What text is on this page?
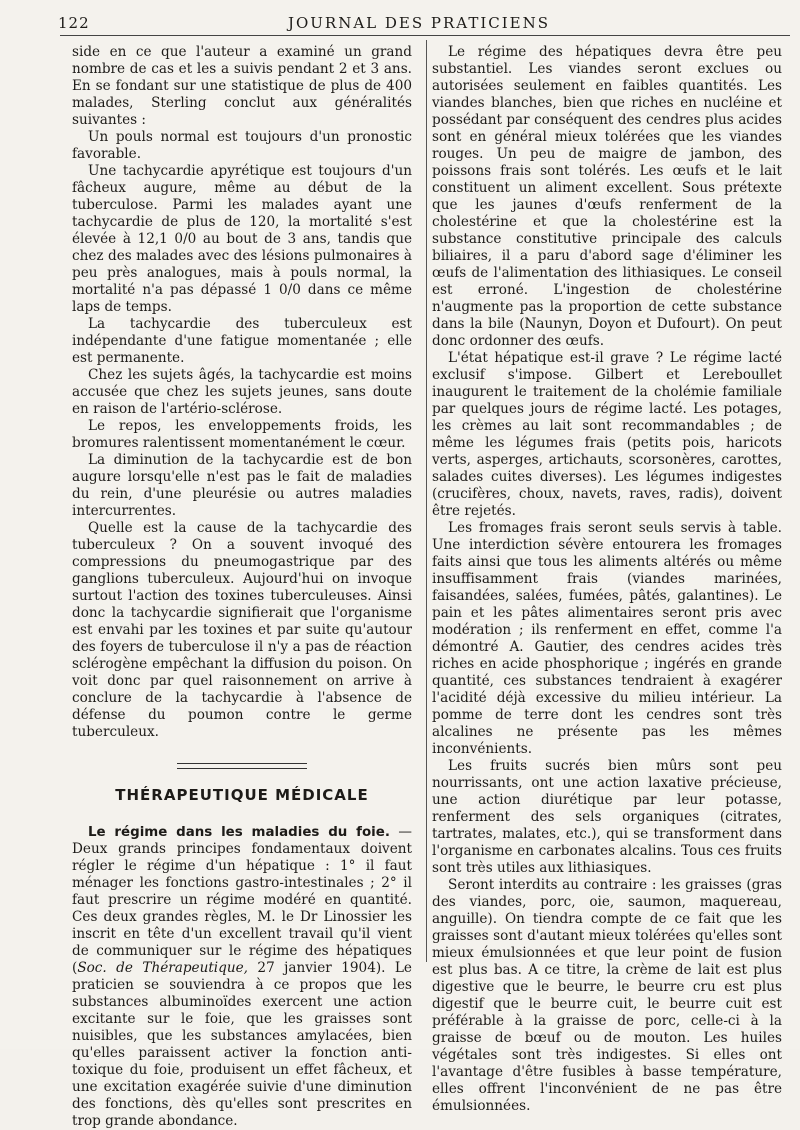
122	JOURNAL DES PRATICIENS

side en ce que l'auteur a examiné un grand nombre de cas et les a suivis pendant 2 et 3 ans. En se fondant sur une statistique de plus de 400 malades, Sterling conclut aux généralités suivantes :

Un pouls normal est toujours d'un pronostic favorable.

Une tachycardie apyrétique est toujours d'un fâcheux augure, même au début de la tuberculose. Parmi les malades ayant une tachycardie de plus de 120, la mortalité s'est élevée à 12,1 0/0 au bout de 3 ans, tandis que chez des malades avec des lésions pulmonaires à peu près analogues, mais à pouls normal, la mortalité n'a pas dépassé 1 0/0 dans ce même laps de temps.

La tachycardie des tuberculeux est indépendante d'une fatigue momentanée ; elle est permanente.

Chez les sujets âgés, la tachycardie est moins accusée que chez les sujets jeunes, sans doute en raison de l'artério-sclérose.

Le repos, les enveloppements froids, les bromures ralentissent momentanément le cœur.

La diminution de la tachycardie est de bon augure lorsqu'elle n'est pas le fait de maladies du rein, d'une pleurésie ou autres maladies intercurrentes.

Quelle est la cause de la tachycardie des tuberculeux ? On a souvent invoqué des compressions du pneumogastrique par des ganglions tuberculeux. Aujourd'hui on invoque surtout l'action des toxines tuberculeuses. Ainsi donc la tachycardie signifierait que l'organisme est envahi par les toxines et par suite qu'autour des foyers de tuberculose il n'y a pas de réaction sclérogène empêchant la diffusion du poison. On voit donc par quel raisonnement on arrive à conclure de la tachycardie à l'absence de défense du poumon contre le germe tuberculeux.

THÉRAPEUTIQUE MÉDICALE

Le régime dans les maladies du foie. — Deux grands principes fondamentaux doivent régler le régime d'un hépatique : 1° il faut ménager les fonctions gastro-intestinales ; 2° il faut prescrire un régime modéré en quantité. Ces deux grandes règles, M. le Dr Linossier les inscrit en tête d'un excellent travail qu'il vient de communiquer sur le régime des hépatiques (Soc. de Thérapeutique, 27 janvier 1904). Le praticien se souviendra à ce propos que les substances albuminoïdes exercent une action excitante sur le foie, que les graisses sont nuisibles, que les substances amylacées, bien qu'elles paraissent activer la fonction anti-toxique du foie, produisent un effet fâcheux, et une excitation exagérée suivie d'une diminution des fonctions, dès qu'elles sont prescrites en trop grande abondance.

Le régime des hépatiques devra être peu substantiel. Les viandes seront exclues ou autorisées seulement en faibles quantités. Les viandes blanches, bien que riches en nucléine et possédant par conséquent des cendres plus acides sont en général mieux tolérées que les viandes rouges. Un peu de maigre de jambon, des poissons frais sont tolérés. Les œufs et le lait constituent un aliment excellent. Sous prétexte que les jaunes d'œufs renferment de la cholestérine et que la cholestérine est la substance constitutive principale des calculs biliaires, il a paru d'abord sage d'éliminer les œufs de l'alimentation des lithiasiques. Le conseil est erroné. L'ingestion de cholestérine n'augmente pas la proportion de cette substance dans la bile (Naunyn, Doyon et Dufourt). On peut donc ordonner des œufs.

L'état hépatique est-il grave ? Le régime lacté exclusif s'impose. Gilbert et Lereboullet inaugurent le traitement de la cholémie familiale par quelques jours de régime lacté. Les potages, les crèmes au lait sont recommandables ; de même les légumes frais (petits pois, haricots verts, asperges, artichauts, scorsonères, carottes, salades cuites diverses). Les légumes indigestes (crucifères, choux, navets, raves, radis), doivent être rejetés.

Les fromages frais seront seuls servis à table. Une interdiction sévère entourera les fromages faits ainsi que tous les aliments altérés ou même insuffisamment frais (viandes marinées, faisandées, salées, fumées, pâtés, galantines). Le pain et les pâtes alimentaires seront pris avec modération ; ils renferment en effet, comme l'a démontré A. Gautier, des cendres acides très riches en acide phosphorique ; ingérés en grande quantité, ces substances tendraient à exagérer l'acidité déjà excessive du milieu intérieur. La pomme de terre dont les cendres sont très alcalines ne présente pas les mêmes inconvénients.

Les fruits sucrés bien mûrs sont peu nourrissants, ont une action laxative précieuse, une action diurétique par leur potasse, renferment des sels organiques (citrates, tartrates, malates, etc.), qui se transforment dans l'organisme en carbonates alcalins. Tous ces fruits sont très utiles aux lithiasiques.

Seront interdits au contraire : les graisses (gras des viandes, porc, oie, saumon, maquereau, anguille). On tiendra compte de ce fait que les graisses sont d'autant mieux tolérées qu'elles sont mieux émulsionnées et que leur point de fusion est plus bas. A ce titre, la crème de lait est plus digestive que le beurre, le beurre cru est plus digestif que le beurre cuit, le beurre cuit est préférable à la graisse de porc, celle-ci à la graisse de bœuf ou de mouton. Les huiles végétales sont très indigestes. Si elles ont l'avantage d'être fusibles à basse température, elles offrent l'inconvénient de ne pas être émulsionnées.
